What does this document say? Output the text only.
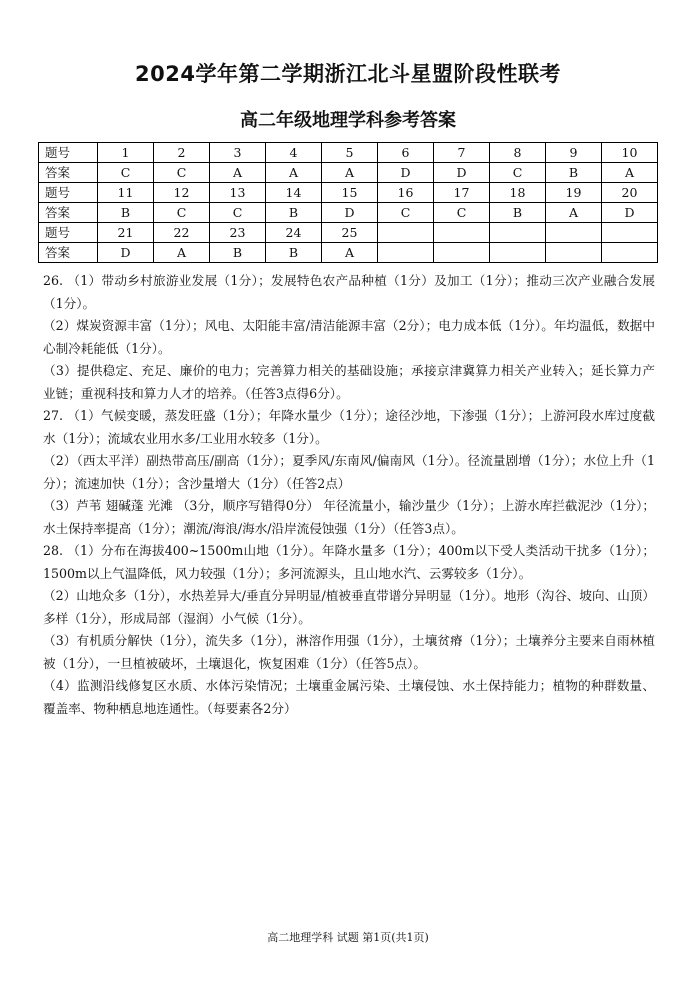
2024学年第二学期浙江北斗星盟阶段性联考
高二年级地理学科参考答案
题号	1	2	3	4	5	6	7	8	9	10
答案	C	C	A	A	A	D	D	C	B	A
题号	11	12	13	14	15	16	17	18	19	20
答案	B	C	C	B	D	C	C	B	A	D
题号	21	22	23	24	25					
答案	D	A	B	B	A					

26. （1）带动乡村旅游业发展（1分）；发展特色农产品种植（1分）及加工（1分）；推动三次产业融合发展（1分）。

（2）煤炭资源丰富（1分）；风电、太阳能丰富/清洁能源丰富（2分）；电力成本低（1分）。年均温低，数据中心制冷耗能低（1分）。

（3）提供稳定、充足、廉价的电力；完善算力相关的基础设施；承接京津冀算力相关产业转入；延长算力产业链；重视科技和算力人才的培养。（任答3点得6分）。

27. （1）气候变暖，蒸发旺盛（1分）；年降水量少（1分）；途径沙地，下渗强（1分）；上游河段水库过度截水（1分）；流域农业用水多/工业用水较多（1分）。

（2）（西太平洋）副热带高压/副高（1分）；夏季风/东南风/偏南风（1分）。径流量剧增（1分）；水位上升（1分）；流速加快（1分）；含沙量增大（1分）（任答2点）

（3）芦苇 翅碱蓬 光滩 （3分，顺序写错得0分） 年径流量小，输沙量少（1分）；上游水库拦截泥沙（1分）；水土保持率提高（1分）；潮流/海浪/海水/沿岸流侵蚀强（1分）（任答3点）。

28. （1）分布在海拔400~1500m山地（1分）。年降水量多（1分）；400m以下受人类活动干扰多（1分）；1500m以上气温降低，风力较强（1分）；多河流源头，且山地水汽、云雾较多（1分）。

（2）山地众多（1分），水热差异大/垂直分异明显/植被垂直带谱分异明显（1分）。地形（沟谷、坡向、山顶）多样（1分），形成局部（湿润）小气候（1分）。

（3）有机质分解快（1分），流失多（1分），淋溶作用强（1分），土壤贫瘠（1分）；土壤养分主要来自雨林植被（1分），一旦植被破坏，土壤退化，恢复困难（1分）（任答5点）。

（4）监测沿线修复区水质、水体污染情况；土壤重金属污染、土壤侵蚀、水土保持能力；植物的种群数量、覆盖率、物种栖息地连通性。（每要素各2分）

高二地理学科 试题 第1页(共1页)
